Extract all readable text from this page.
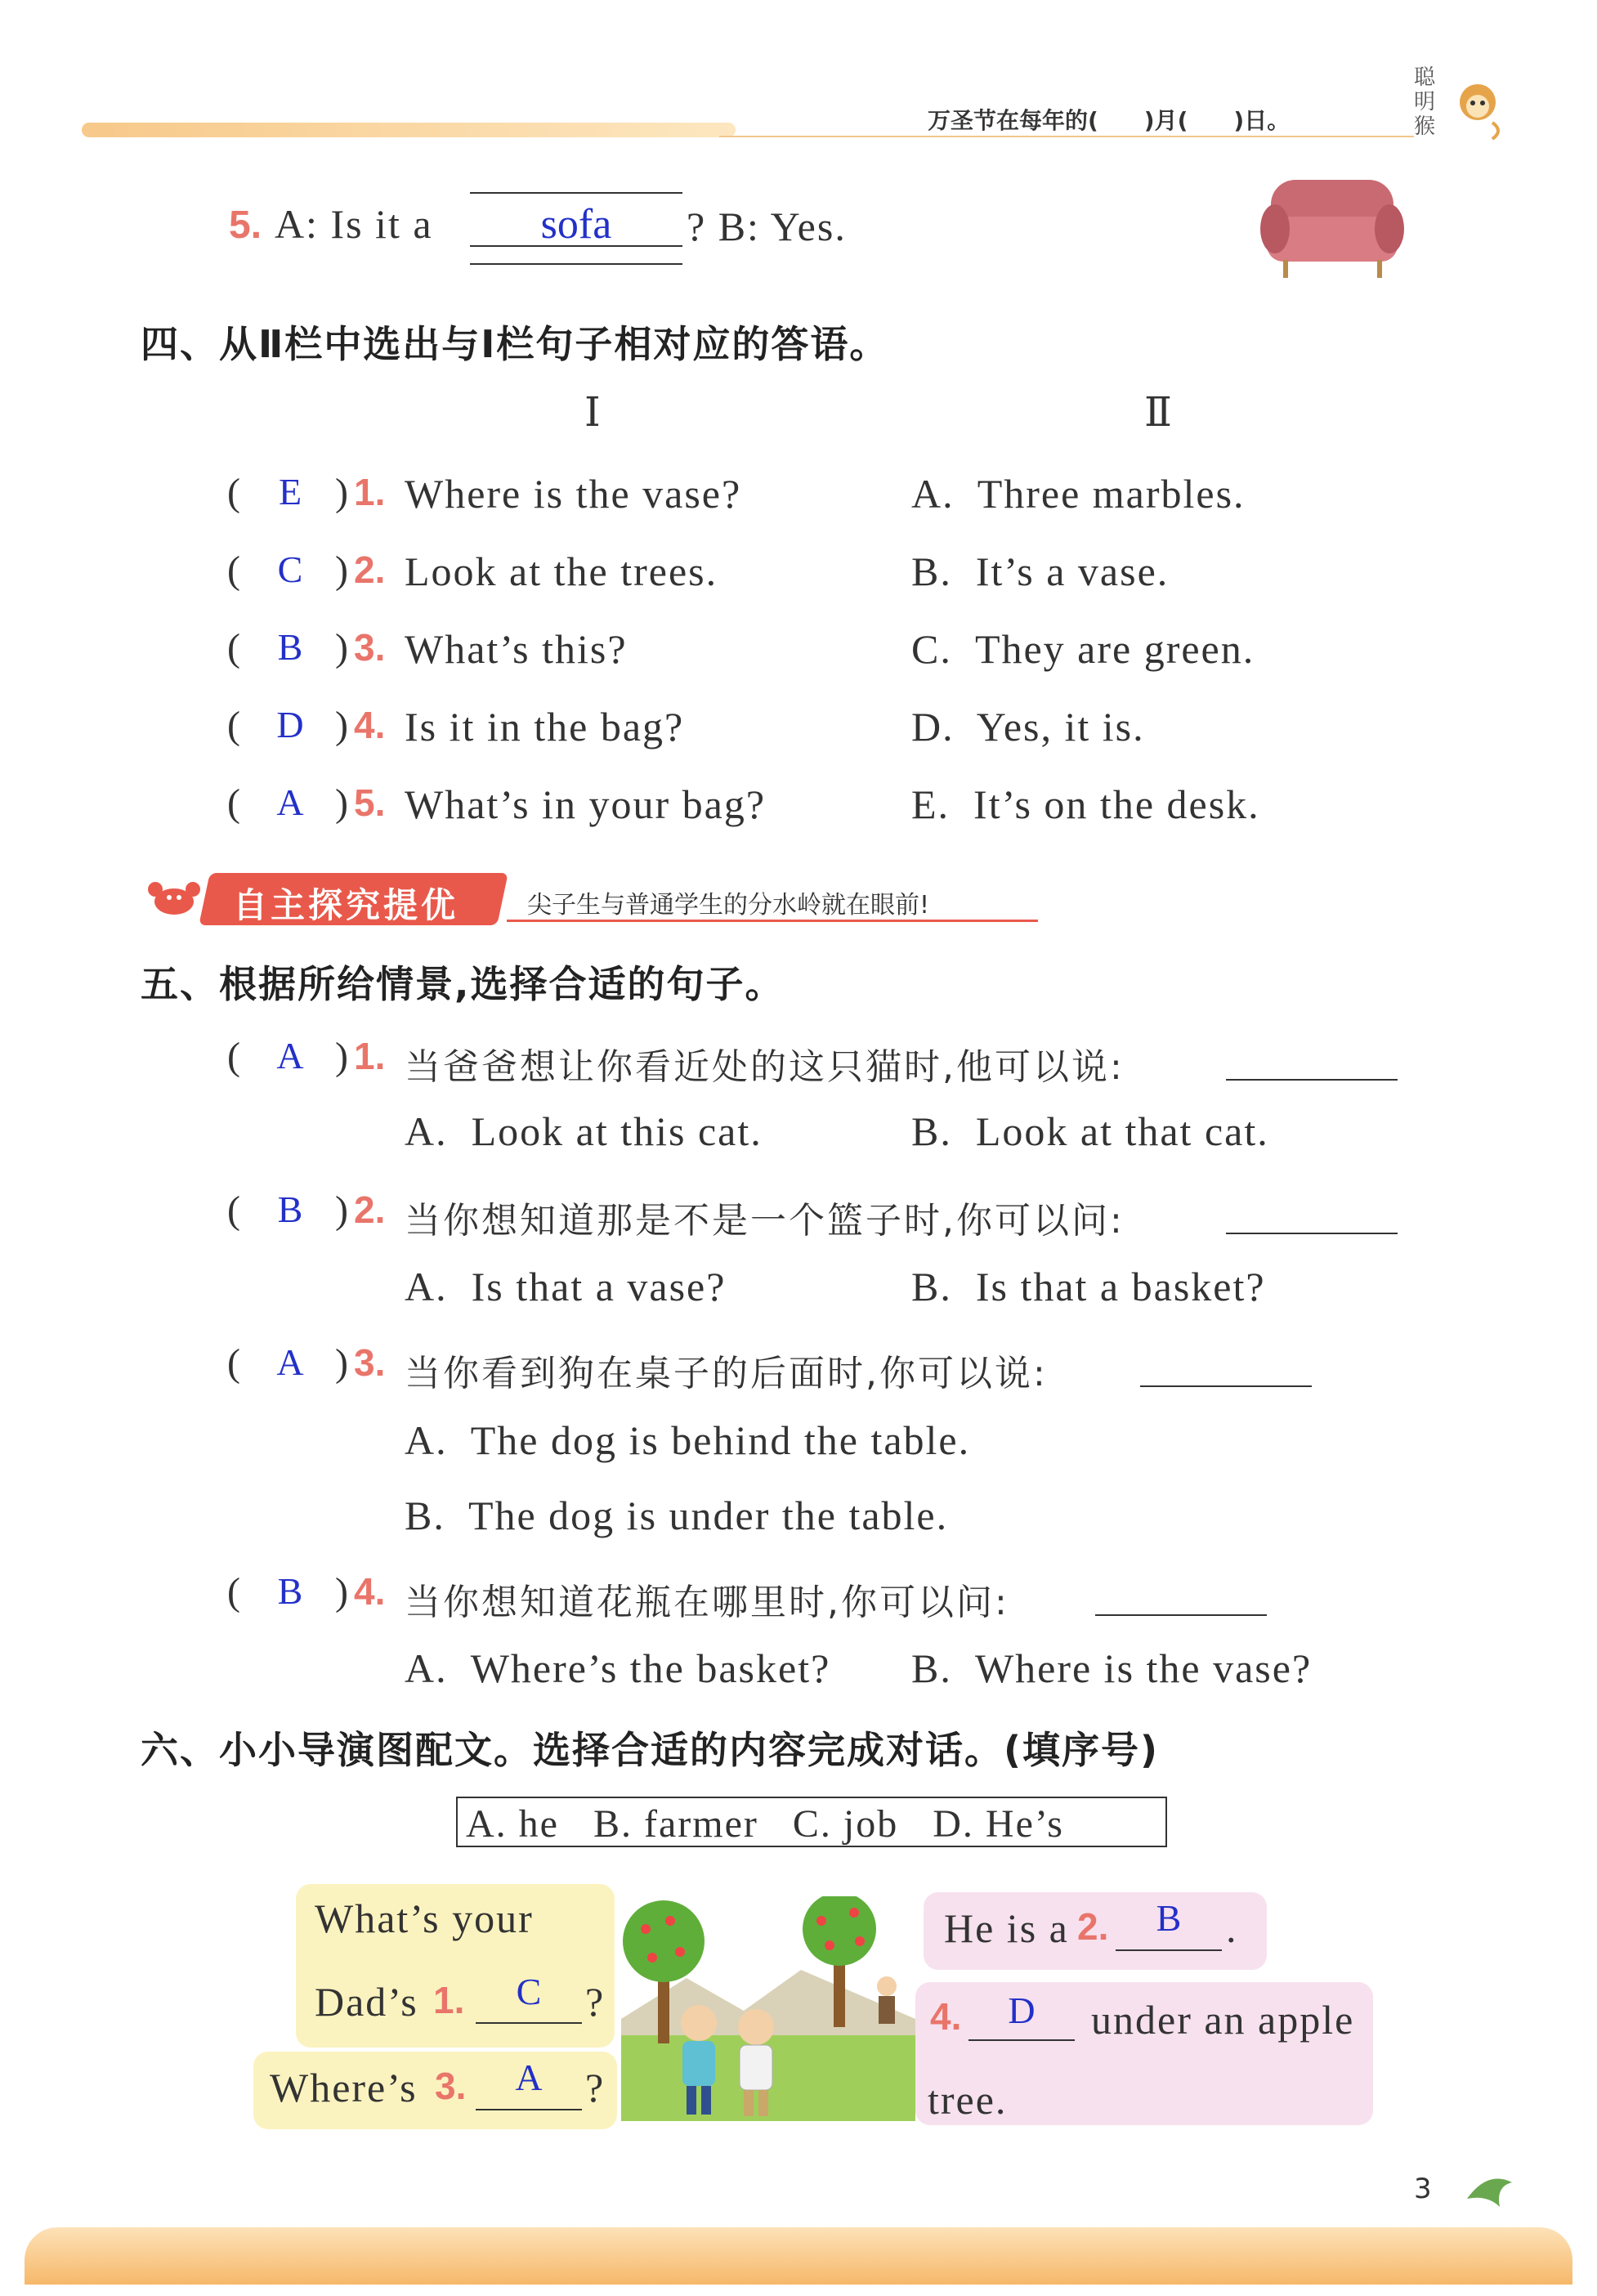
万圣节在每年的(　　)月(　　)日。
聪明猴
5. A: Is it a	sofa	? B: Yes.
四、从Ⅱ栏中选出与Ⅰ栏句子相对应的答语。
Ⅰ	Ⅱ
(	E ) 1. Where is the vase?	A.  Three marbles.
( C ) 2. Look at the trees.	B.  It’s a vase.
( B ) 3. What’s this?	C.  They are green.
( D ) 4. Is it in the bag?	D.  Yes, it is.
( A ) 5. What’s in your bag?	E.  It’s on the desk.
自主探究提优	尖子生与普通学生的分水岭就在眼前!
五、根据所给情景,选择合适的句子。
( A ) 1. 当爸爸想让你看近处的这只猫时,他可以说:
A.  Look at this cat.	B.  Look at that cat.
( B ) 2. 当你想知道那是不是一个篮子时,你可以问:
A.  Is that a vase?	B.  Is that a basket?
( A ) 3. 当你看到狗在桌子的后面时,你可以说:
A.  The dog is behind the table.
B.  The dog is under the table.
( B ) 4. 当你想知道花瓶在哪里时,你可以问:
A.  Where’s the basket? B.  Where is the vase?
六、小小导演图配文。选择合适的内容完成对话。(填序号)
A. he   B. farmer   C. job   D. He’s
What’s your
Dad’s 1.	C	?
Where’s 3.	A	?
He is a 2.	B	.
4.	D	under an apple
tree.
3
